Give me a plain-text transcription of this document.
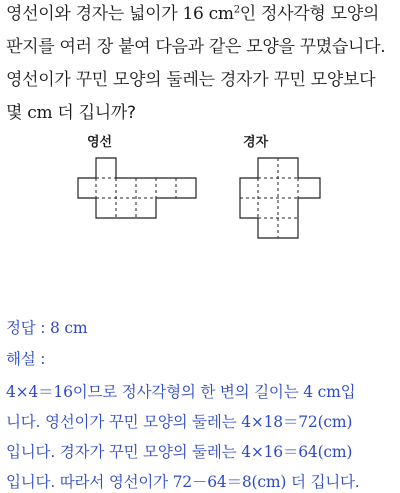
영선이와 경자는 넓이가 16 $cm^2$인 정사각형 모양의
판지를 여러 장 붙여 다음과 같은 모양을 꾸몄습니다.
영선이가 꾸민 모양의 둘레는 경자가 꾸민 모양보다
몇 cm 더 깁니까?
영선	경자
정답 : 8 cm
해설 :
4×4＝16이므로 정사각형의 한 변의 길이는 4 cm입
니다. 영선이가 꾸민 모양의 둘레는 4×18＝72(cm)
입니다. 경자가 꾸민 모양의 둘레는 4×16＝64(cm)
입니다. 따라서 영선이가 72－64＝8(cm) 더 깁니다.
